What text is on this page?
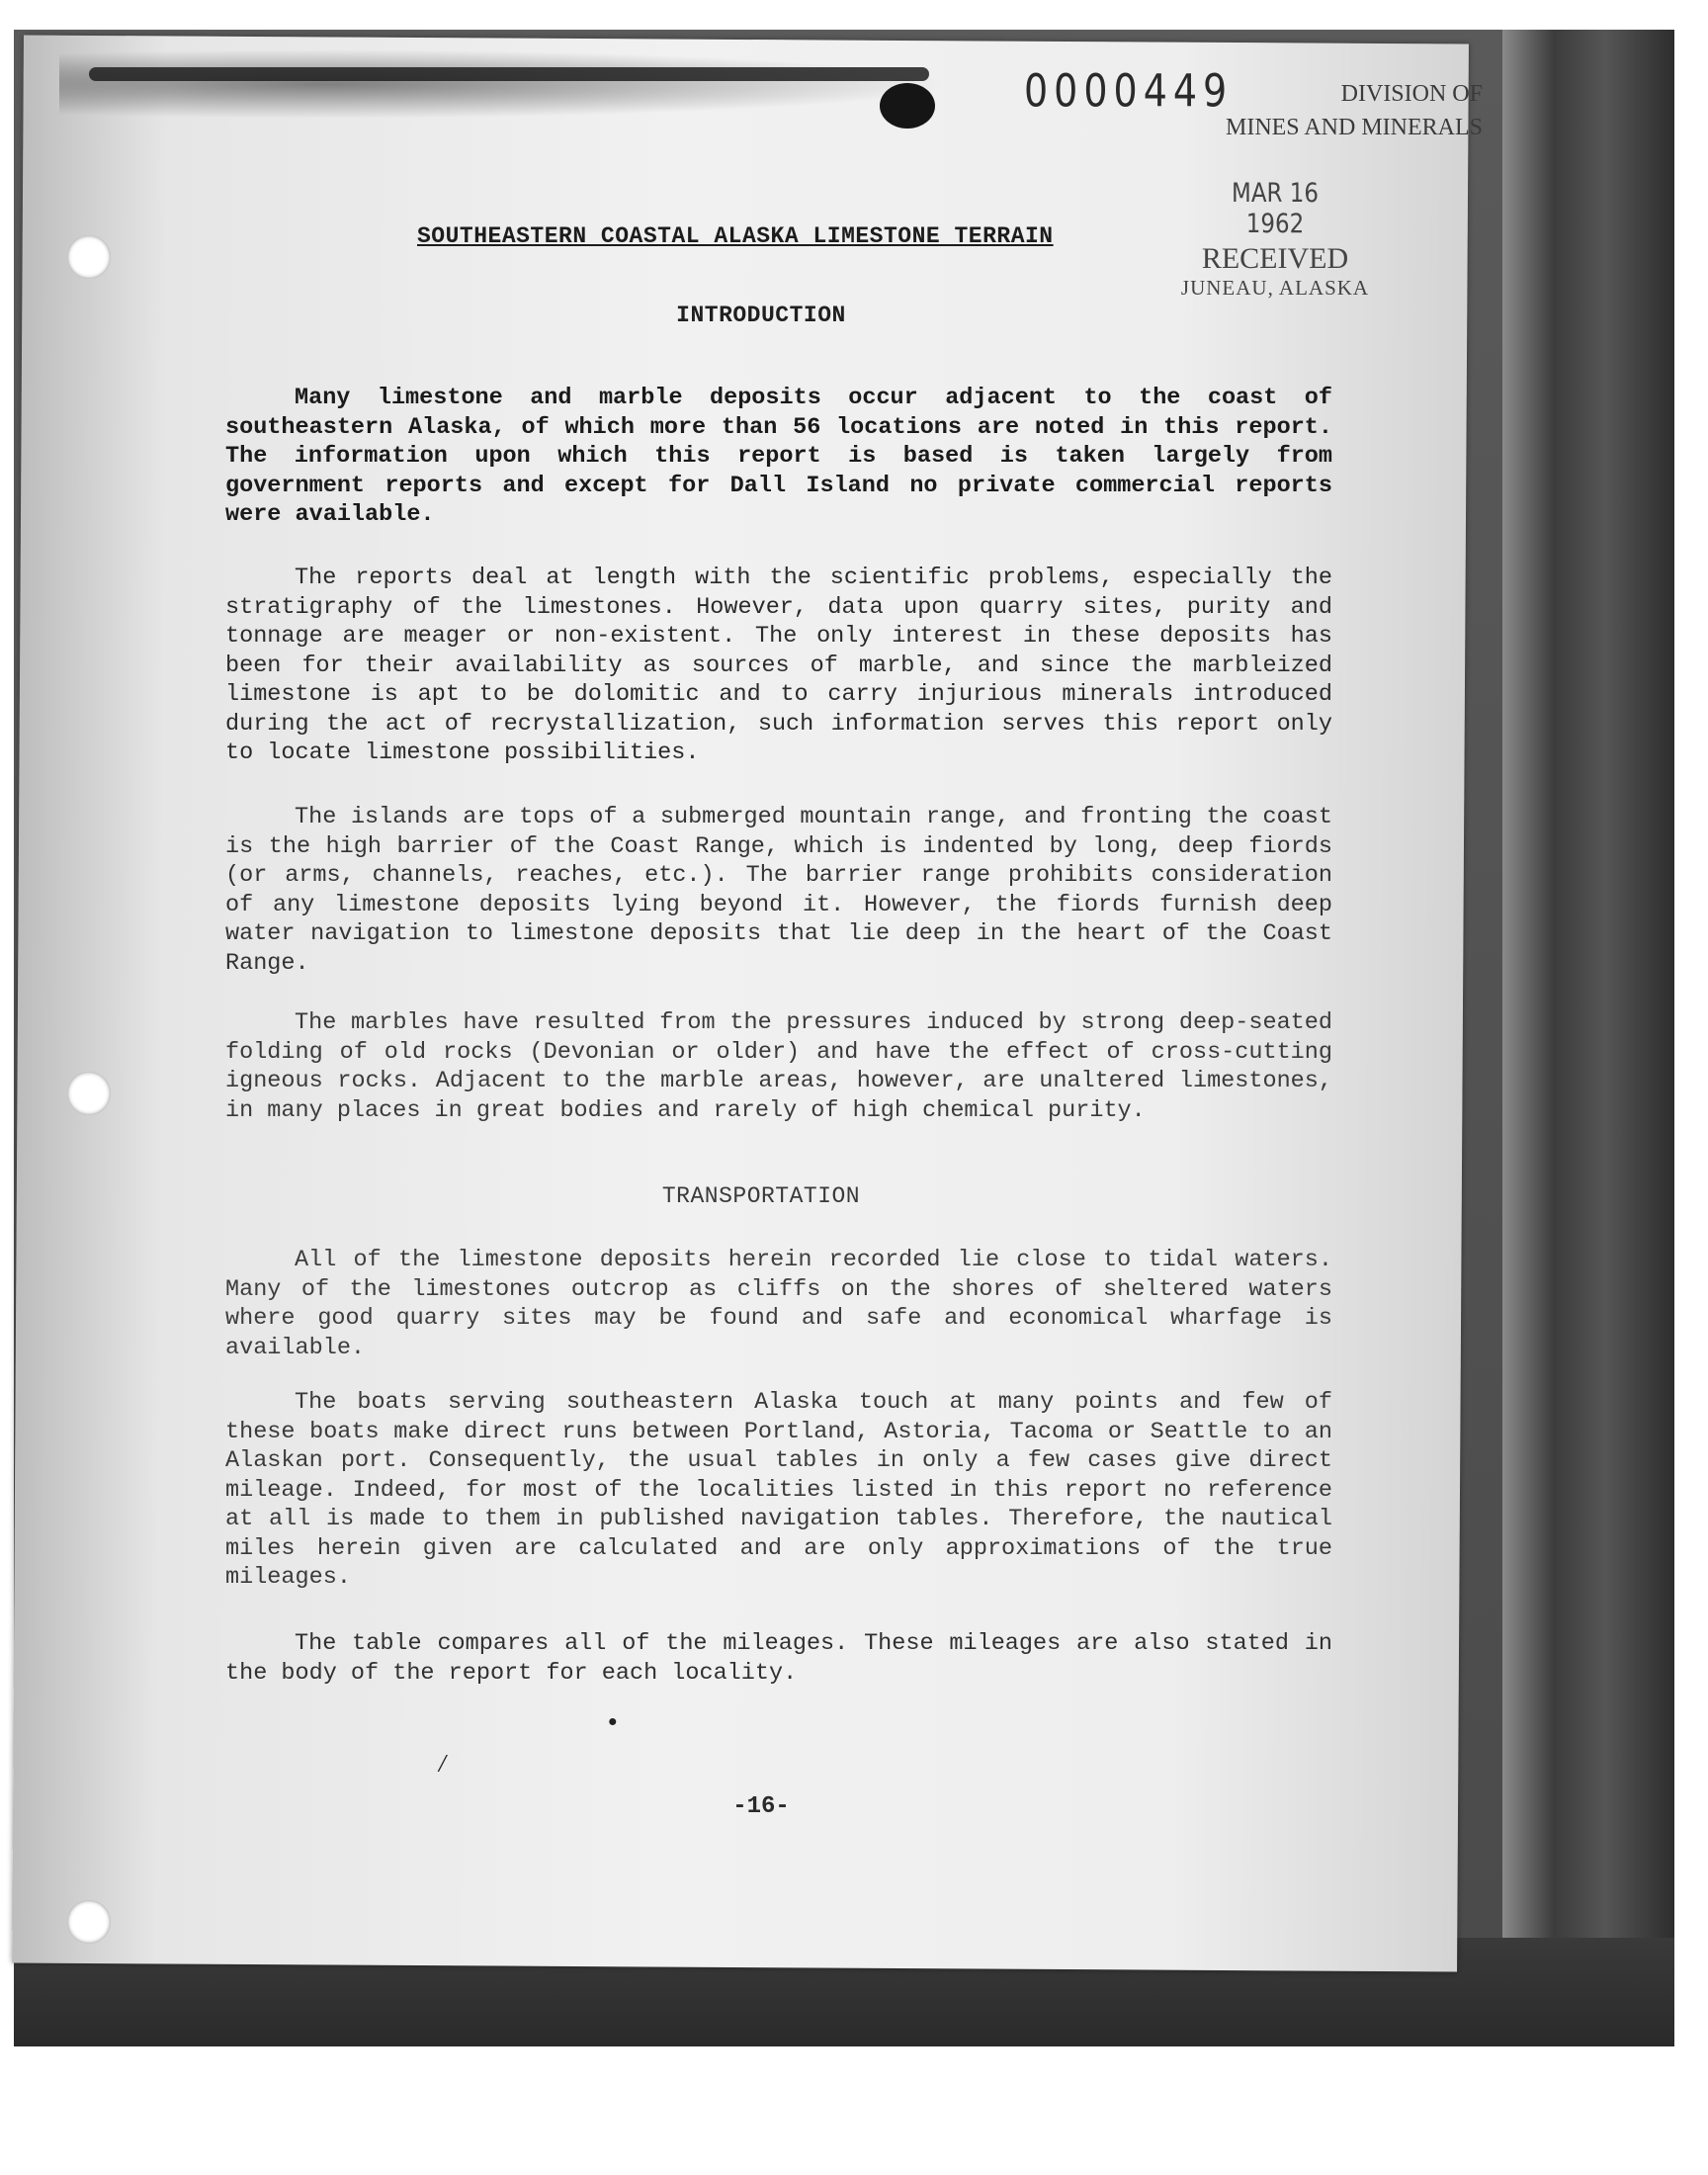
0000449	DIVISION OF
MINES AND MINERALS
MAR 16 1962
RECEIVED
JUNEAU, ALASKA
SOUTHEASTERN COASTAL ALASKA LIMESTONE TERRAIN
INTRODUCTION
Many limestone and marble deposits occur adjacent to the coast of southeastern Alaska, of which more than 56 locations are noted in this report. The information upon which this report is based is taken largely from government reports and except for Dall Island no private commercial reports were available.
The reports deal at length with the scientific problems, especially the stratigraphy of the limestones. However, data upon quarry sites, purity and tonnage are meager or non-existent. The only interest in these deposits has been for their availability as sources of marble, and since the marbleized limestone is apt to be dolomitic and to carry injurious minerals introduced during the act of recrystallization, such information serves this report only to locate limestone possibilities.
The islands are tops of a submerged mountain range, and fronting the coast is the high barrier of the Coast Range, which is indented by long, deep fiords (or arms, channels, reaches, etc.). The barrier range prohibits consideration of any limestone deposits lying beyond it. However, the fiords furnish deep water navigation to limestone deposits that lie deep in the heart of the Coast Range.
The marbles have resulted from the pressures induced by strong deep-seated folding of old rocks (Devonian or older) and have the effect of cross-cutting igneous rocks. Adjacent to the marble areas, however, are unaltered limestones, in many places in great bodies and rarely of high chemical purity.
TRANSPORTATION
All of the limestone deposits herein recorded lie close to tidal waters. Many of the limestones outcrop as cliffs on the shores of sheltered waters where good quarry sites may be found and safe and economical wharfage is available.
The boats serving southeastern Alaska touch at many points and few of these boats make direct runs between Portland, Astoria, Tacoma or Seattle to an Alaskan port. Consequently, the usual tables in only a few cases give direct mileage. Indeed, for most of the localities listed in this report no reference at all is made to them in published navigation tables. Therefore, the nautical miles herein given are calculated and are only approximations of the true mileages.
The table compares all of the mileages. These mileages are also stated in the body of the report for each locality.
•
⁄
-16-
